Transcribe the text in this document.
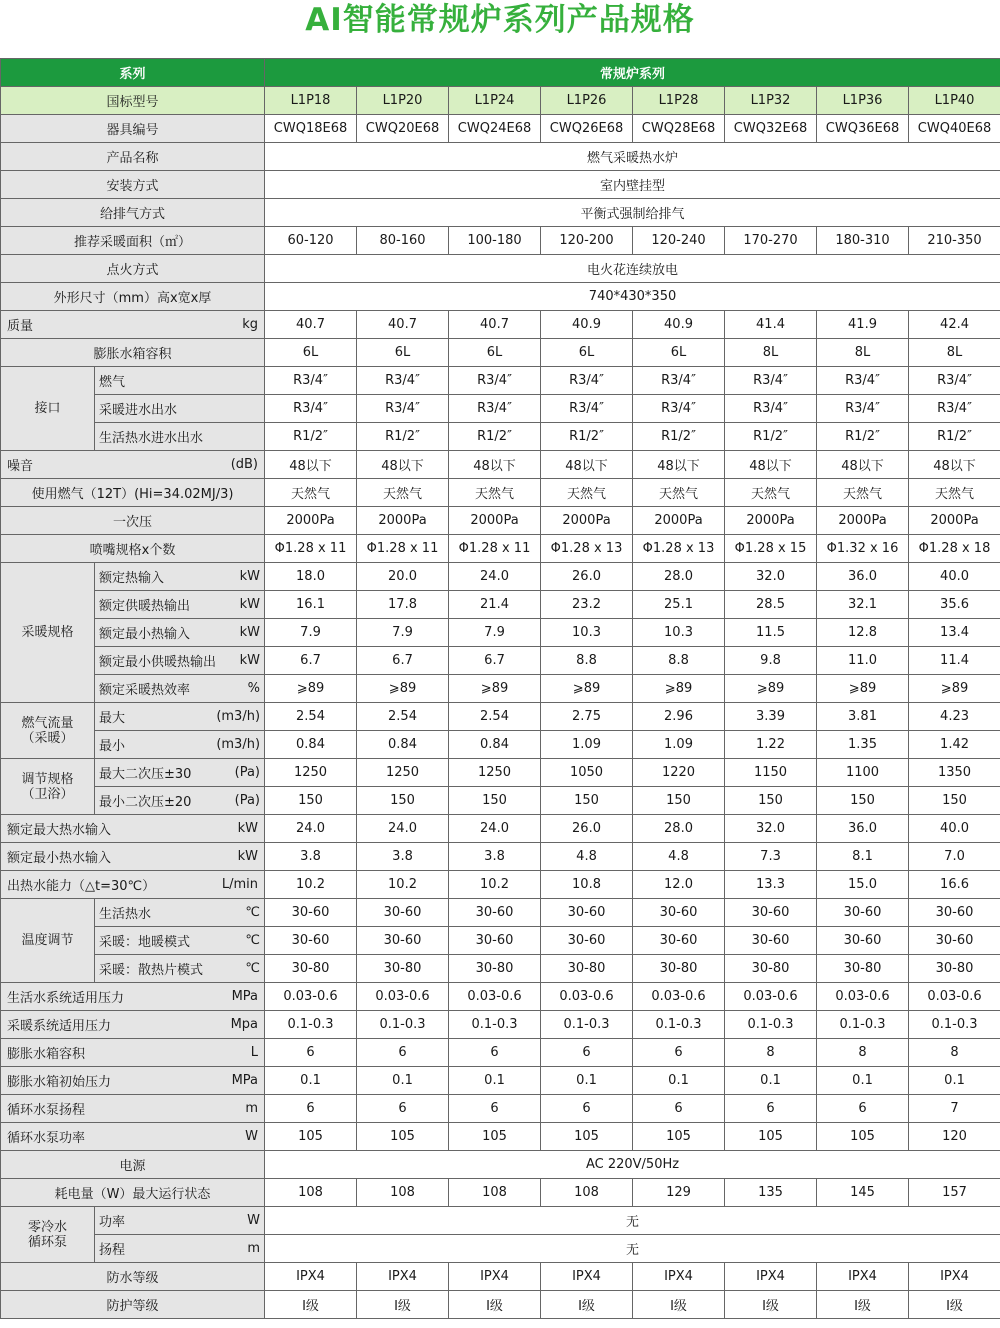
AI智能常规炉系列产品规格
系列		常规炉系列							
国标型号		L1P18	L1P20	L1P24	L1P26	L1P28	L1P32	L1P36	L1P40

器具编号		CWQ18E68	CWQ20E68	CWQ24E68	CWQ26E68	CWQ28E68	CWQ32E68	CWQ36E68	CWQ40E68

产品名称		燃气采暖热水炉							

安装方式		室内壁挂型							

给排气方式		平衡式强制给排气							

推荐采暖面积（㎡）		60-120	80-160	100-180	120-200	120-240	170-270	180-310	210-350

点火方式		电火花连续放电							

外形尺寸（mm）高x宽x厚		740*430*350							

质量 kg		40.7	40.7	40.7	40.9	40.9	41.4	41.9	42.4

膨胀水箱容积		6L	6L	6L	6L	6L	8L	8L	8L

接口	燃气	R3/4″	R3/4″	R3/4″	R3/4″	R3/4″	R3/4″	R3/4″	R3/4″

	采暖进水出水	R3/4″	R3/4″	R3/4″	R3/4″	R3/4″	R3/4″	R3/4″	R3/4″

	生活热水进水出水	R1/2″	R1/2″	R1/2″	R1/2″	R1/2″	R1/2″	R1/2″	R1/2″

噪音 (dB)		48以下	48以下	48以下	48以下	48以下	48以下	48以下	48以下

使用燃气（12T）(Hi=34.02MJ/3)		天然气	天然气	天然气	天然气	天然气	天然气	天然气	天然气

一次压		2000Pa	2000Pa	2000Pa	2000Pa	2000Pa	2000Pa	2000Pa	2000Pa

喷嘴规格x个数		Φ1.28 x 11	Φ1.28 x 11	Φ1.28 x 11	Φ1.28 x 13	Φ1.28 x 13	Φ1.28 x 15	Φ1.32 x 16	Φ1.28 x 18

采暖规格	额定热输入 kW	18.0	20.0	24.0	26.0	28.0	32.0	36.0	40.0

	额定供暖热输出 kW	16.1	17.8	21.4	23.2	25.1	28.5	32.1	35.6

	额定最小热输入 kW	7.9	7.9	7.9	10.3	10.3	11.5	12.8	13.4

	额定最小供暖热输出 kW	6.7	6.7	6.7	8.8	8.8	9.8	11.0	11.4

	额定采暖热效率 %	⩾89	⩾89	⩾89	⩾89	⩾89	⩾89	⩾89	⩾89

燃气流量
（采暖）	最大 (m3/h)	2.54	2.54	2.54	2.75	2.96	3.39	3.81	4.23

	最小 (m3/h)	0.84	0.84	0.84	1.09	1.09	1.22	1.35	1.42

调节规格
（卫浴）	最大二次压±30 (Pa)	1250	1250	1250	1050	1220	1150	1100	1350

	最小二次压±20 (Pa)	150	150	150	150	150	150	150	150

额定最大热水输入 kW		24.0	24.0	24.0	26.0	28.0	32.0	36.0	40.0

额定最小热水输入 kW		3.8	3.8	3.8	4.8	4.8	7.3	8.1	7.0

出热水能力（△t=30℃） L/min		10.2	10.2	10.2	10.8	12.0	13.3	15.0	16.6

温度调节	生活热水 ℃	30-60	30-60	30-60	30-60	30-60	30-60	30-60	30-60

	采暖：地暖模式 ℃	30-60	30-60	30-60	30-60	30-60	30-60	30-60	30-60

	采暖：散热片模式 ℃	30-80	30-80	30-80	30-80	30-80	30-80	30-80	30-80

生活水系统适用压力 MPa		0.03-0.6	0.03-0.6	0.03-0.6	0.03-0.6	0.03-0.6	0.03-0.6	0.03-0.6	0.03-0.6

采暖系统适用压力 Mpa		0.1-0.3	0.1-0.3	0.1-0.3	0.1-0.3	0.1-0.3	0.1-0.3	0.1-0.3	0.1-0.3

膨胀水箱容积 L		6	6	6	6	6	8	8	8

膨胀水箱初始压力 MPa		0.1	0.1	0.1	0.1	0.1	0.1	0.1	0.1

循环水泵扬程 m		6	6	6	6	6	6	6	7

循环水泵功率 W		105	105	105	105	105	105	105	120

电源		AC 220V/50Hz							

耗电量（W）最大运行状态		108	108	108	108	129	135	145	157

零冷水
循环泵	功率 W	无							

	扬程 m	无							

防水等级		IPX4	IPX4	IPX4	IPX4	IPX4	IPX4	IPX4	IPX4

防护等级		Ⅰ级	Ⅰ级	Ⅰ级	Ⅰ级	Ⅰ级	Ⅰ级	Ⅰ级	Ⅰ级
